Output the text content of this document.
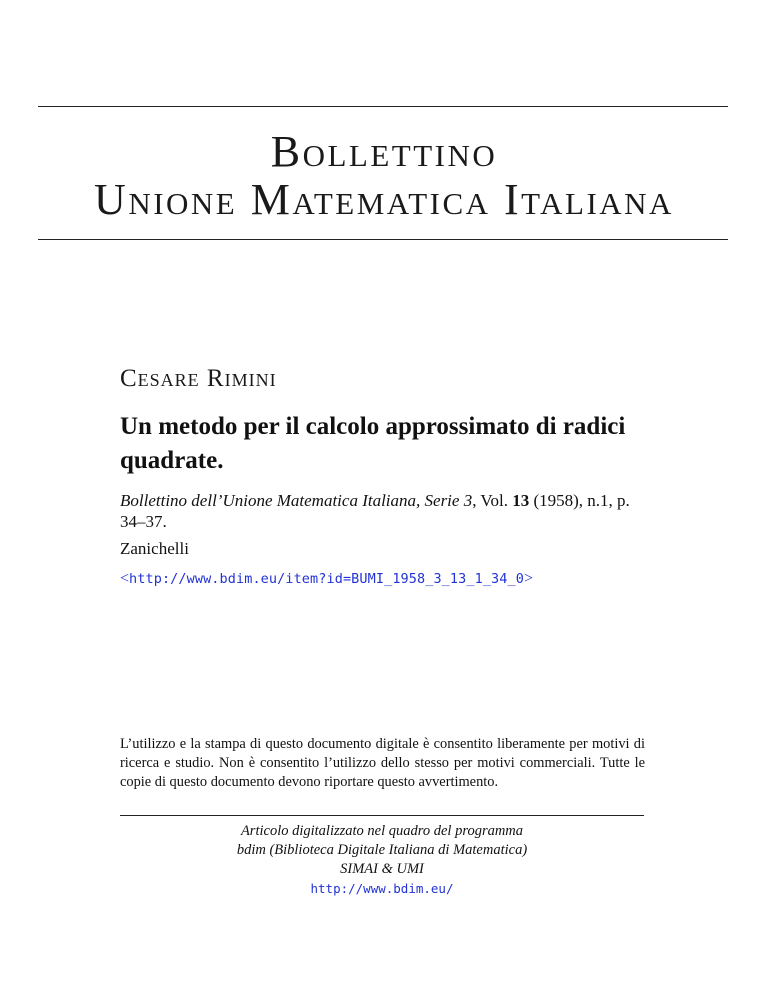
Bollettino
Unione Matematica Italiana
Cesare Rimini
Un metodo per il calcolo approssimato di radici quadrate.
Bollettino dell’Unione Matematica Italiana, Serie 3, Vol. 13 (1958), n.1, p. 34–37.
Zanichelli
<http://www.bdim.eu/item?id=BUMI_1958_3_13_1_34_0>
L’utilizzo e la stampa di questo documento digitale è consentito liberamente per motivi di ricerca e studio. Non è consentito l’utilizzo dello stesso per motivi commerciali. Tutte le copie di questo documento devono riportare questo avvertimento.
Articolo digitalizzato nel quadro del programma
bdim (Biblioteca Digitale Italiana di Matematica)
SIMAI & UMI
http://www.bdim.eu/
